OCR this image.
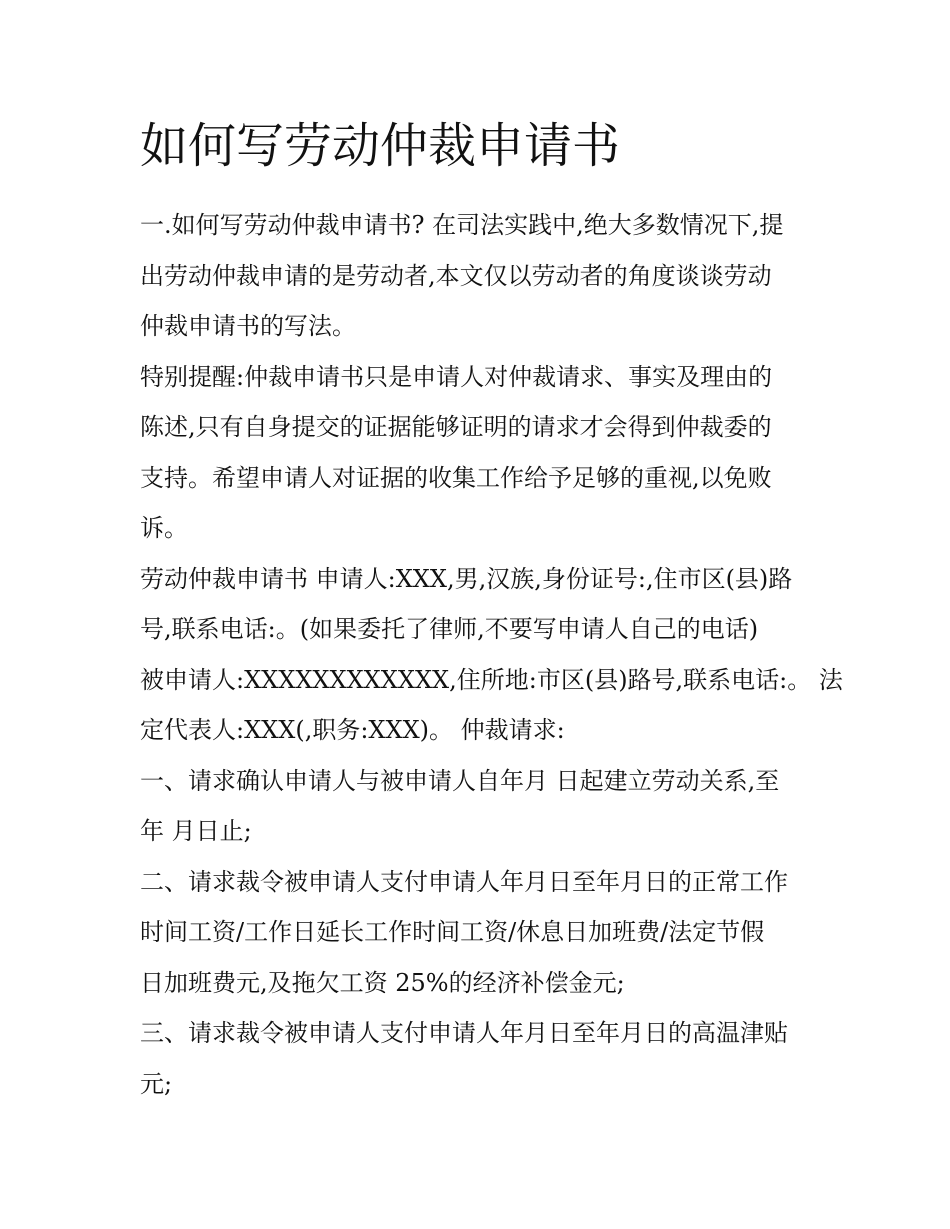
如何写劳动仲裁申请书

一.如何写劳动仲裁申请书? 在司法实践中,绝大多数情况下,提
出劳动仲裁申请的是劳动者,本文仅以劳动者的角度谈谈劳动
仲裁申请书的写法。

特别提醒:仲裁申请书只是申请人对仲裁请求、事实及理由的
陈述,只有自身提交的证据能够证明的请求才会得到仲裁委的
支持。希望申请人对证据的收集工作给予足够的重视,以免败
诉。

劳动仲裁申请书 申请人:XXX,男,汉族,身份证号:,住市区(县)路
号,联系电话:。(如果委托了律师,不要写申请人自己的电话)
被申请人:XXXXXXXXXXXX,住所地:市区(县)路号,联系电话:。 法
定代表人:XXX(,职务:XXX)。 仲裁请求:

一、请求确认申请人与被申请人自年月 日起建立劳动关系,至
年 月日止;

二、请求裁令被申请人支付申请人年月日至年月日的正常工作
时间工资/工作日延长工作时间工资/休息日加班费/法定节假
日加班费元,及拖欠工资 25%的经济补偿金元;

三、请求裁令被申请人支付申请人年月日至年月日的高温津贴
元;
